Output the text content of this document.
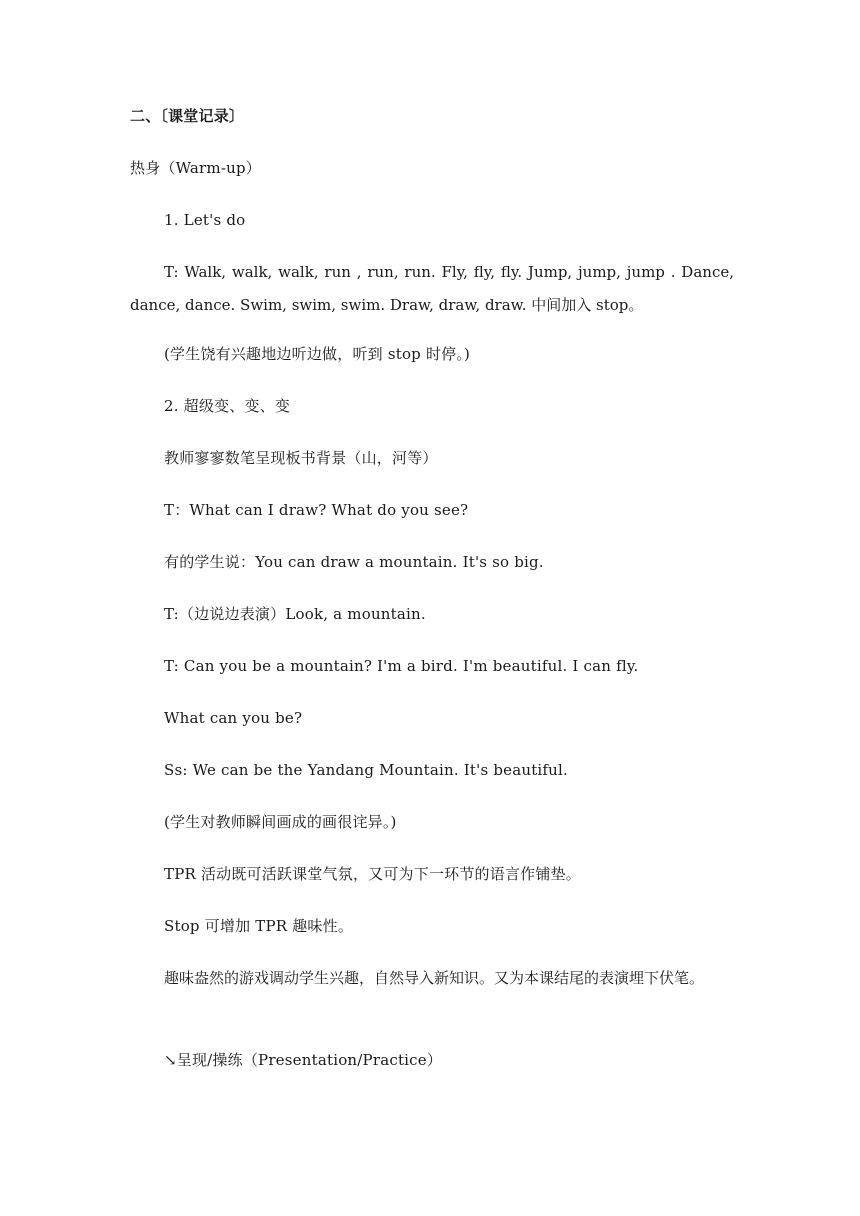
二、〔课堂记录〕
热身（Warm-up）
1. Let's do
T: Walk, walk, walk, run , run, run. Fly, fly, fly. Jump, jump, jump . Dance, dance, dance. Swim, swim, swim. Draw, draw, draw. 中间加入 stop。
(学生饶有兴趣地边听边做，听到 stop 时停。)
2. 超级变、变、变
教师寥寥数笔呈现板书背景（山，河等）
T：What can I draw? What do you see?
有的学生说：You can draw a mountain. It's so big.
T:（边说边表演）Look, a mountain.
T: Can you be a mountain? I'm a bird. I'm beautiful. I can fly.
What can you be?
Ss: We can be the Yandang Mountain. It's beautiful.
(学生对教师瞬间画成的画很诧异。)
TPR 活动既可活跃课堂气氛，又可为下一环节的语言作铺垫。
Stop 可增加 TPR 趣味性。
趣味盎然的游戏调动学生兴趣，自然导入新知识。又为本课结尾的表演埋下伏笔。
↘呈现/操练（Presentation/Practice）
